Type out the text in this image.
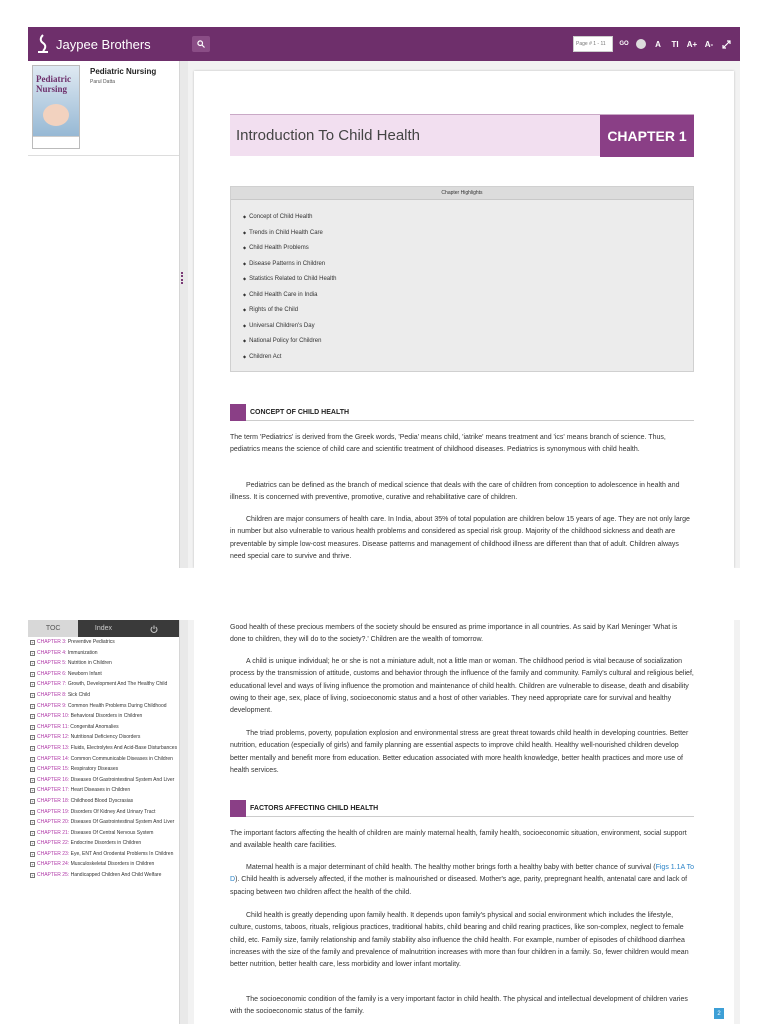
Jaypee Brothers
Page # 1 - 11	GO	A	TI	A+ A-
Pediatric Nursing
Pediatric Nursing
Parul Datta
Introduction To Child Health	CHAPTER 1
Chapter Highlights
◆ Concept of Child Health
◆ Trends in Child Health Care
◆ Child Health Problems
◆ Disease Patterns in Children
◆ Statistics Related to Child Health
◆ Child Health Care in India
◆ Rights of the Child
◆ Universal Children's Day
◆ National Policy for Children
◆ Children Act
CONCEPT OF CHILD HEALTH

The term 'Pediatrics' is derived from the Greek words, 'Pedia' means child, 'iatrike' means treatment and 'ics' means branch of science. Thus, pediatrics means the science of child care and scientific treatment of childhood diseases. Pediatrics is synonymous with child health.

Pediatrics can be defined as the branch of medical science that deals with the care of children from conception to adolescence in health and illness. It is concerned with preventive, promotive, curative and rehabilitative care of children.

Children are major consumers of health care. In India, about 35% of total population are children below 15 years of age. They are not only large in number but also vulnerable to various health problems and considered as special risk group. Majority of the childhood sickness and death are preventable by simple low-cost measures. Disease patterns and management of childhood illness are different than that of adult. Children always need special care to survive and thrive.

TOC	Index
+ CHAPTER 3: Preventive Pediatrics
+ CHAPTER 4: Immunization
+ CHAPTER 5: Nutrition in Children
+ CHAPTER 6: Newborn Infant
+ CHAPTER 7: Growth, Development And The Healthy Child
+ CHAPTER 8: Sick Child
+ CHAPTER 9: Common Health Problems During Childhood
+ CHAPTER 10: Behavioral Disorders in Children
+ CHAPTER 11: Congenital Anomalies
+ CHAPTER 12: Nutritional Deficiency Disorders
+ CHAPTER 13: Fluids, Electrolytes And Acid-Base Disturbances
+ CHAPTER 14: Common Communicable Diseases in Children
+ CHAPTER 15: Respiratory Diseases
+ CHAPTER 16: Diseases Of Gastrointestinal System And Liver
+ CHAPTER 17: Heart Diseases in Children
+ CHAPTER 18: Childhood Blood Dyscrasias
+ CHAPTER 19: Disorders Of Kidney And Urinary Tract
+ CHAPTER 20: Diseases Of Gastrointestinal System And Liver
+ CHAPTER 21: Diseases Of Central Nervous System
+ CHAPTER 22: Endocrine Disorders in Children
+ CHAPTER 23: Eye, ENT And Orodental Problems In Children
+ CHAPTER 24: Musculoskeletal Disorders in Children
+ CHAPTER 25: Handicapped Children And Child Welfare

Good health of these precious members of the society should be ensured as prime importance in all countries. As said by Karl Meninger 'What is done to children, they will do to the society?.' Children are the wealth of tomorrow.

A child is unique individual; he or she is not a miniature adult, not a little man or woman. The childhood period is vital because of socialization process by the transmission of attitude, customs and behavior through the influence of the family and community. Family's cultural and religious belief, educational level and ways of living influence the promotion and maintenance of child health. Children are vulnerable to disease, death and disability owing to their age, sex, place of living, socioeconomic status and a host of other variables. They need appropriate care for survival and healthy development.

The triad problems, poverty, population explosion and environmental stress are great threat towards child health in developing countries. Better nutrition, education (especially of girls) and family planning are essential aspects to improve child health. Healthy well-nourished children develop better mentally and benefit more from education. Better education associated with more health knowledge, better health practices and more use of health services.

FACTORS AFFECTING CHILD HEALTH

The important factors affecting the health of children are mainly maternal health, family health, socioeconomic situation, environment, social support and available health care facilities.

Maternal health is a major determinant of child health. The healthy mother brings forth a healthy baby with better chance of survival (Figs 1.1A To D). Child health is adversely affected, if the mother is malnourished or diseased. Mother's age, parity, prepregnant health, antenatal care and lack of spacing between two children affect the health of the child.

Child health is greatly depending upon family health. It depends upon family's physical and social environment which includes the lifestyle, culture, customs, taboos, rituals, religious practices, traditional habits, child bearing and child rearing practices, like son-complex, neglect to female child, etc. Family size, family relationship and family stability also influence the child health. For example, number of episodes of childhood diarrhea increases with the size of the family and prevalence of malnutrition increases with more than four children in a family. So, fewer children would mean better nutrition, better health care, less morbidity and lower infant mortality.

The socioeconomic condition of the family is a very important factor in child health. The physical and intellectual development of children varies with the socioeconomic status of the family.	2
